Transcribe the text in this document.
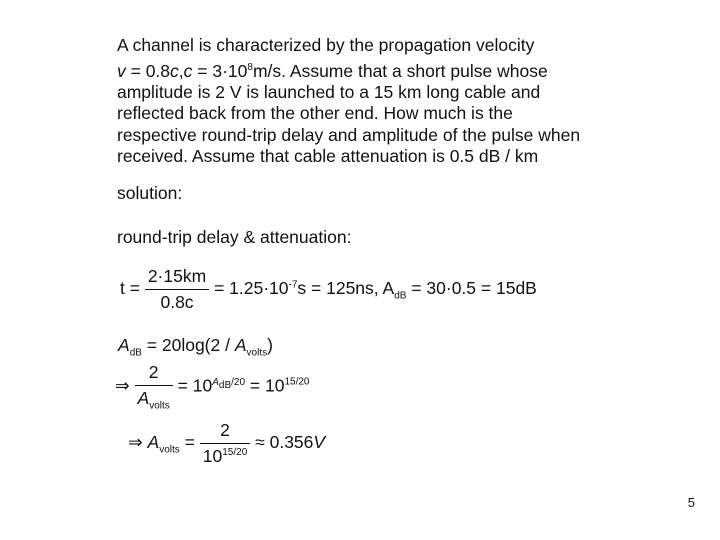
A channel is characterized by the propagation velocity
$v = 0.8c,c = 3\cdot 10^8m/s$. Assume that a short pulse whose
amplitude is 2 V is launched to a 15 km long cable and
reflected back from the other end. How much is the
respective round-trip delay and amplitude of the pulse when
received. Assume that cable attenuation is 0.5 dB / km
solution:
round-trip delay & attenuation:
$t = \frac{2\cdot 15km}{0.8c} = 1.25\cdot 10^{-7}s = 125ns$, $A_{dB} = 30\cdot 0.5 = 15dB$
$A_{dB} = 20\log(2 / A_{volts})$
⇒ $\frac{2}{A_{volts}} = 10^{A_{dB}/20} = 10^{15/20}$
⇒ $A_{volts} = \frac{2}{10^{15/20}} \approx 0.356V$
5
